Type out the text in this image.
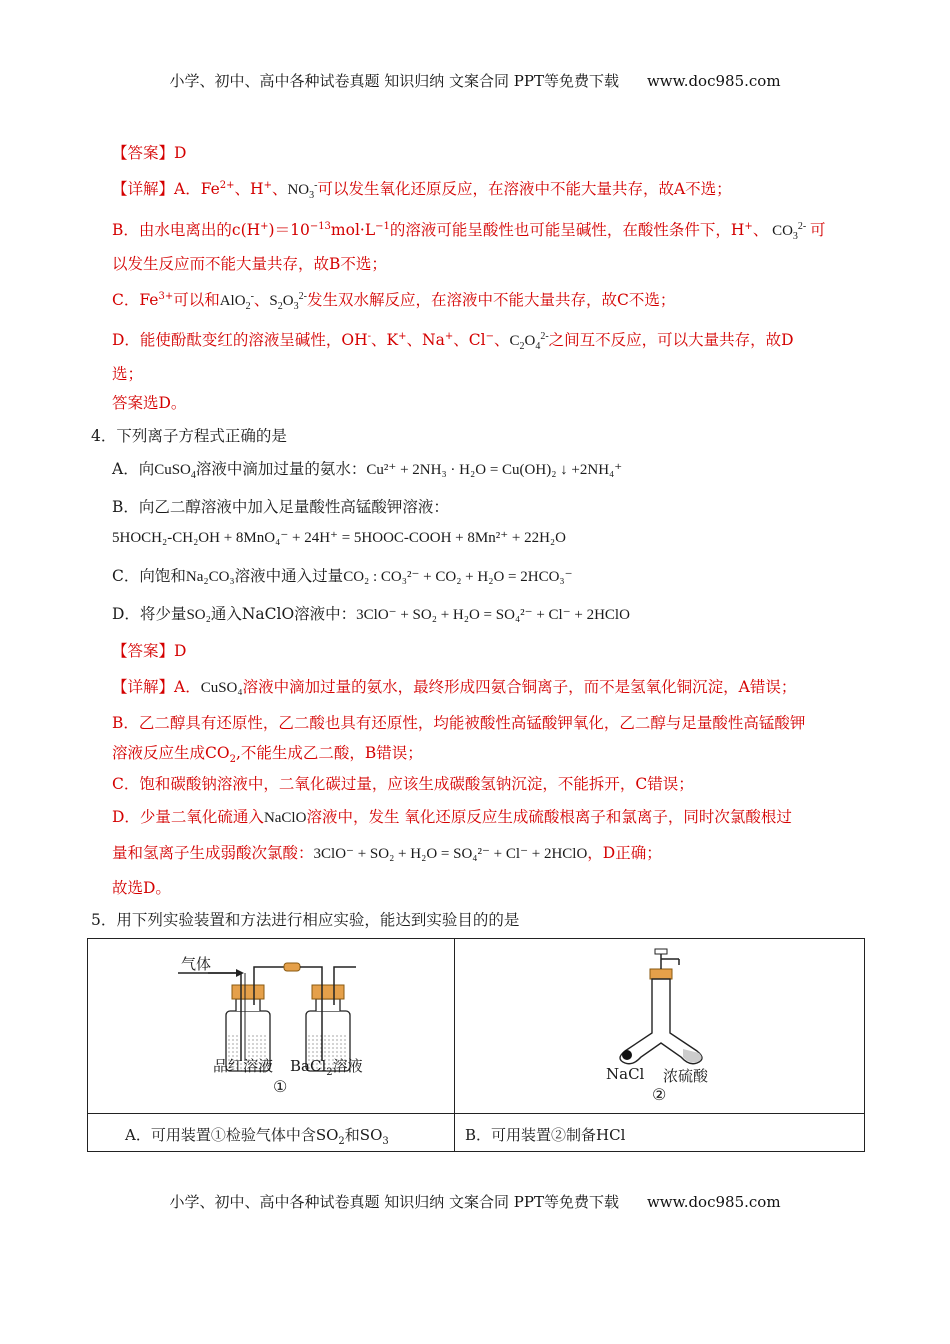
小学、初中、高中各种试卷真题 知识归纳 文案合同 PPT等免费下载 www.doc985.com
【答案】D
【详解】A．$Fe^{2+}$、H+、$NO_3^-$可以发生氧化还原反应，在溶液中不能大量共存，故A不选；
B．由水电离出的$c(H^+)=10^{-13}mol\cdot L^{-1}$的溶液可能呈酸性也可能呈碱性，在酸性条件下，H+、 $CO_3^{2-}$ 可
以发生反应而不能大量共存，故B不选；
C．$Fe^{3+}$可以和AlO$_2$-、$S_2O_3^{2-}$发生双水解反应，在溶液中不能大量共存，故C不选；
D．能使酚酞变红的溶液呈碱性，OH-、K+、Na+、Cl−、$C_2O_4^{2-}$之间互不反应，可以大量共存，故D
选；
答案选D。
4．下列离子方程式正确的是
A．向CuSO$_4$溶液中滴加过量的氨水：Cu²⁺ + 2NH₃ · H₂O = Cu(OH)₂ ↓ +2NH₄⁺
B．向乙二醇溶液中加入足量酸性高锰酸钾溶液：
5HOCH₂-CH₂OH + 8MnO₄⁻ + 24H⁺ = 5HOOC-COOH + 8Mn²⁺ + 22H₂O
C．向饱和Na₂CO₃溶液中通入过量CO₂ : CO₃²⁻ + CO₂ + H₂O = 2HCO₃⁻
D．将少量SO₂通入NaClO溶液中：3ClO⁻ + SO₂ + H₂O = SO₄²⁻ + Cl⁻ + 2HClO
【答案】D
【详解】A．CuSO₄溶液中滴加过量的氨水，最终形成四氨合铜离子，而不是氢氧化铜沉淀，A错误；
B．乙二醇具有还原性，乙二酸也具有还原性，均能被酸性高锰酸钾氧化，乙二醇与足量酸性高锰酸钾
溶液反应生成$CO_2$,不能生成乙二酸，B错误；
C．饱和碳酸钠溶液中，二氧化碳过量，应该生成碳酸氢钠沉淀，不能拆开，C错误；
D．少量二氧化硫通入NaClO溶液中，发生 氧化还原反应生成硫酸根离子和氯离子，同时次氯酸根过
量和氢离子生成弱酸次氯酸：3ClO⁻ + SO₂ + H₂O = SO₄²⁻ + Cl⁻ + 2HClO，D正确；
故选D。
5．用下列实验装置和方法进行相应实验，能达到实验目的的是
气体
品红溶液 BaCl$_2$溶液
①
NaCl 浓硫酸
②
A．可用装置①检验气体中含$SO_2$和$SO_3$	B．可用装置②制备HCl
小学、初中、高中各种试卷真题 知识归纳 文案合同 PPT等免费下载 www.doc985.com
